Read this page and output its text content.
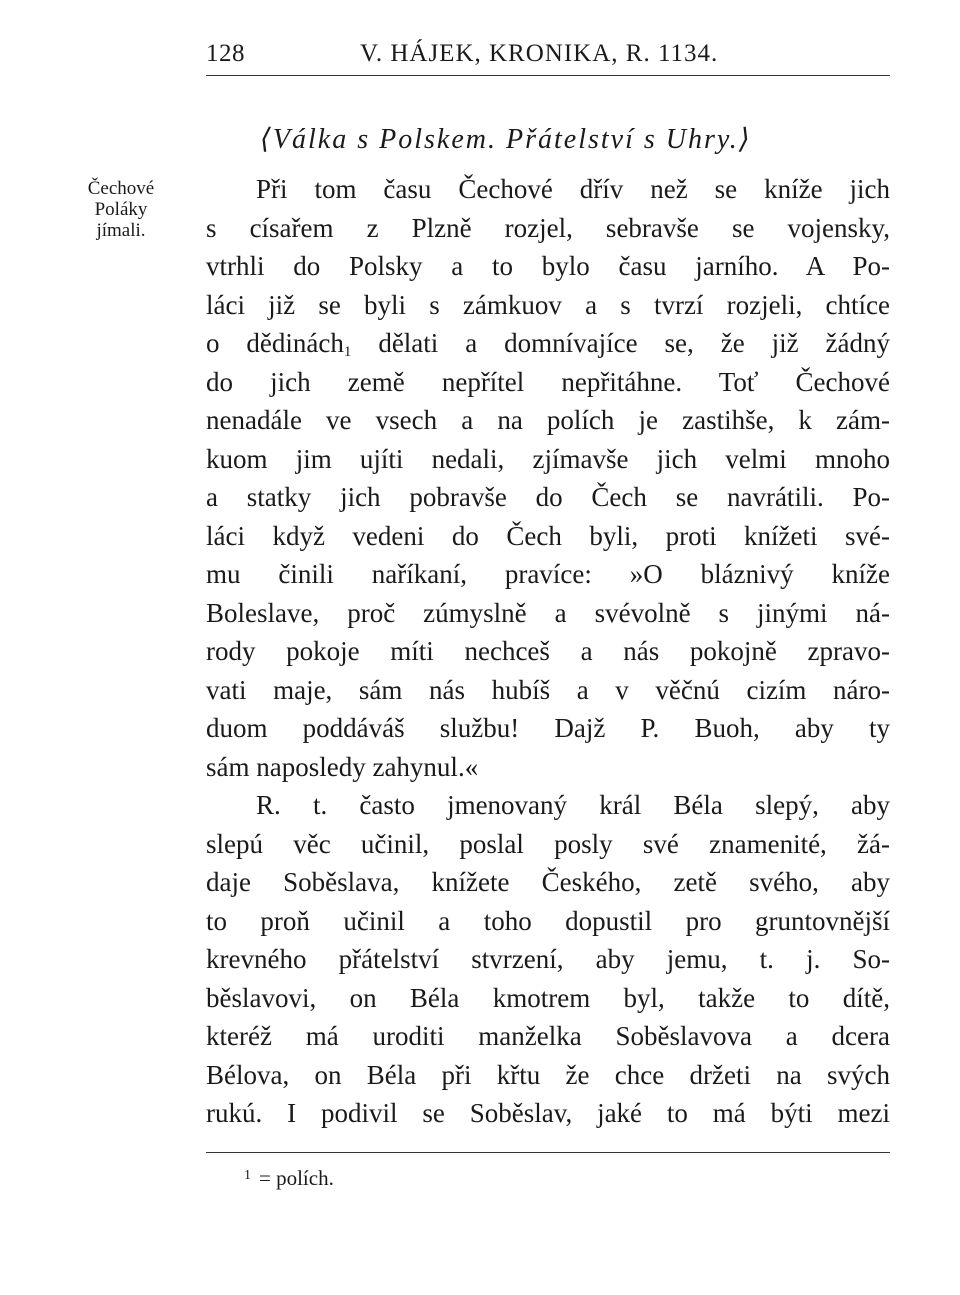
128	V. HÁJEK, KRONIKA, R. 1134.
⟨Válka s Polskem. Přátelství s Uhry.⟩
Čechové
Poláky
jímali.
Při tom času Čechové dřív než se kníže jich
s císařem z Plzně rozjel, sebravše se vojensky,
vtrhli do Polsky a to bylo času jarního. A Po-
láci již se byli s zámkuov a s tvrzí rozjeli, chtíce
o dědinách1 dělati a domnívajíce se, že již žádný
do jich země nepřítel nepřitáhne. Toť Čechové
nenadále ve vsech a na polích je zastihše, k zám-
kuom jim ujíti nedali, zjímavše jich velmi mnoho
a statky jich pobravše do Čech se navrátili. Po-
láci když vedeni do Čech byli, proti knížeti své-
mu činili naříkaní, pravíce: »O bláznivý kníže
Boleslave, proč zúmyslně a svévolně s jinými ná-
rody pokoje míti nechceš a nás pokojně zpravo-
vati maje, sám nás hubíš a v věčnú cizím náro-
duom poddáváš službu! Dajž P. Buoh, aby ty
sám naposledy zahynul.«
R. t. často jmenovaný král Béla slepý, aby
slepú věc učinil, poslal posly své znamenité, žá-
daje Soběslava, knížete Českého, zetě svého, aby
to proň učinil a toho dopustil pro gruntovnější
krevného přátelství stvrzení, aby jemu, t. j. So-
běslavovi, on Béla kmotrem byl, takže to dítě,
kteréž má uroditi manželka Soběslavova a dcera
Bélova, on Béla při křtu že chce držeti na svých
rukú. I podivil se Soběslav, jaké to má býti mezi
$^1$ = polích.
